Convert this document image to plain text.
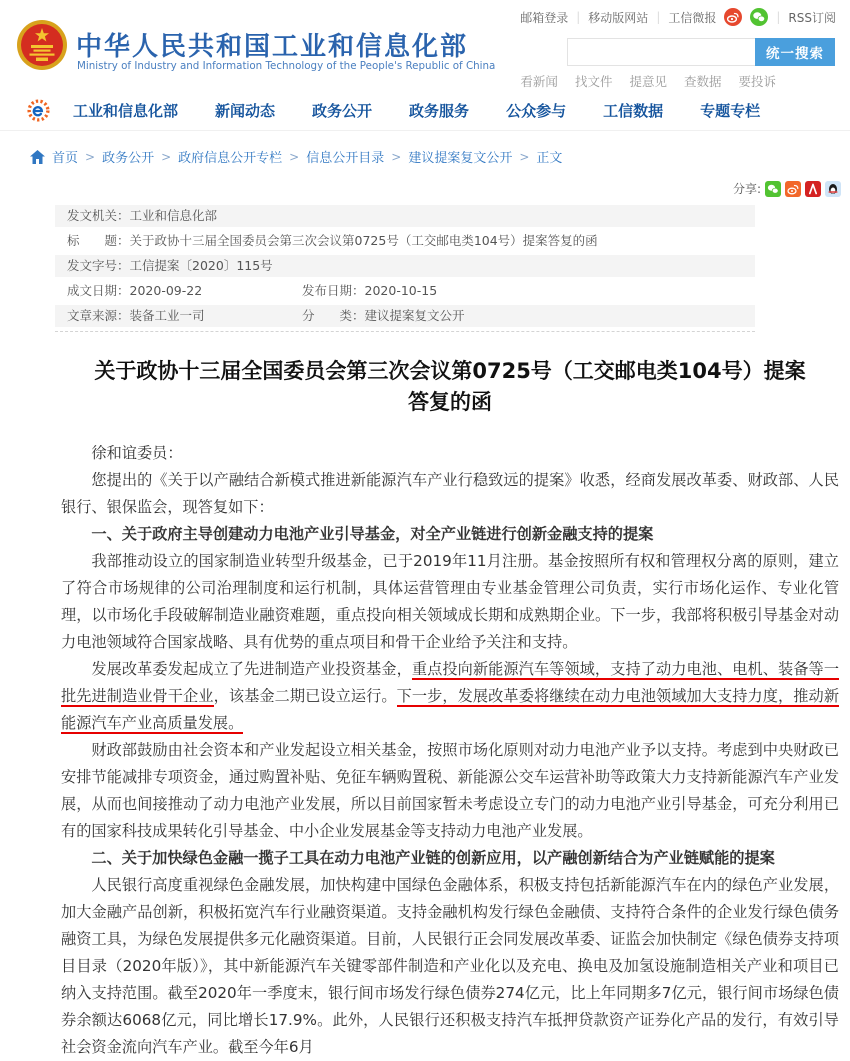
中华人民共和国工业和信息化部
Ministry of Industry and Information Technology of the People's Republic of China
邮箱登录 | 移动版网站 | 工信微报	| RSS订阅
统一搜索
看新闻 找文件 提意见 查数据 要投诉
工业和信息化部 新闻动态 政务公开 政务服务 公众参与 工信数据 专题专栏
首页 > 政务公开 > 政府信息公开专栏 > 信息公开目录 > 建议提案复文公开 > 正文
分享:
发文机关： 工业和信息化部
标　　题： 关于政协十三届全国委员会第三次会议第0725号（工交邮电类104号）提案答复的函
发文字号： 工信提案〔2020〕115号
成文日期： 2020-09-22	发布日期： 2020-10-15
文章来源： 装备工业一司	分　　类： 建议提案复文公开
关于政协十三届全国委员会第三次会议第0725号（工交邮电类104号）提案答复的函

徐和谊委员：

您提出的《关于以产融结合新模式推进新能源汽车产业行稳致远的提案》收悉，经商发展改革委、财政部、人民银行、银保监会，现答复如下：

一、关于政府主导创建动力电池产业引导基金，对全产业链进行创新金融支持的提案

我部推动设立的国家制造业转型升级基金，已于2019年11月注册。基金按照所有权和管理权分离的原则，建立了符合市场规律的公司治理制度和运行机制，具体运营管理由专业基金管理公司负责，实行市场化运作、专业化管理，以市场化手段破解制造业融资难题，重点投向相关领域成长期和成熟期企业。下一步，我部将积极引导基金对动力电池领域符合国家战略、具有优势的重点项目和骨干企业给予关注和支持。

发展改革委发起成立了先进制造产业投资基金，重点投向新能源汽车等领域，支持了动力电池、电机、装备等一批先进制造业骨干企业，该基金二期已设立运行。下一步，发展改革委将继续在动力电池领域加大支持力度，推动新能源汽车产业高质量发展。

财政部鼓励由社会资本和产业发起设立相关基金，按照市场化原则对动力电池产业予以支持。考虑到中央财政已安排节能减排专项资金，通过购置补贴、免征车辆购置税、新能源公交车运营补助等政策大力支持新能源汽车产业发展，从而也间接推动了动力电池产业发展，所以目前国家暂未考虑设立专门的动力电池产业引导基金，可充分利用已有的国家科技成果转化引导基金、中小企业发展基金等支持动力电池产业发展。

二、关于加快绿色金融一揽子工具在动力电池产业链的创新应用，以产融创新结合为产业链赋能的提案

人民银行高度重视绿色金融发展，加快构建中国绿色金融体系，积极支持包括新能源汽车在内的绿色产业发展，加大金融产品创新，积极拓宽汽车行业融资渠道。支持金融机构发行绿色金融债、支持符合条件的企业发行绿色债务融资工具，为绿色发展提供多元化融资渠道。目前，人民银行正会同发展改革委、证监会加快制定《绿色债券支持项目目录（2020年版）》，其中新能源汽车关键零部件制造和产业化以及充电、换电及加氢设施制造相关产业和项目已纳入支持范围。截至2020年一季度末，银行间市场发行绿色债券274亿元，比上年同期多7亿元，银行间市场绿色债券余额达6068亿元，同比增长17.9%。此外，人民银行还积极支持汽车抵押贷款资产证券化产品的发行，有效引导社会资金流向汽车产业。截至今年6月
